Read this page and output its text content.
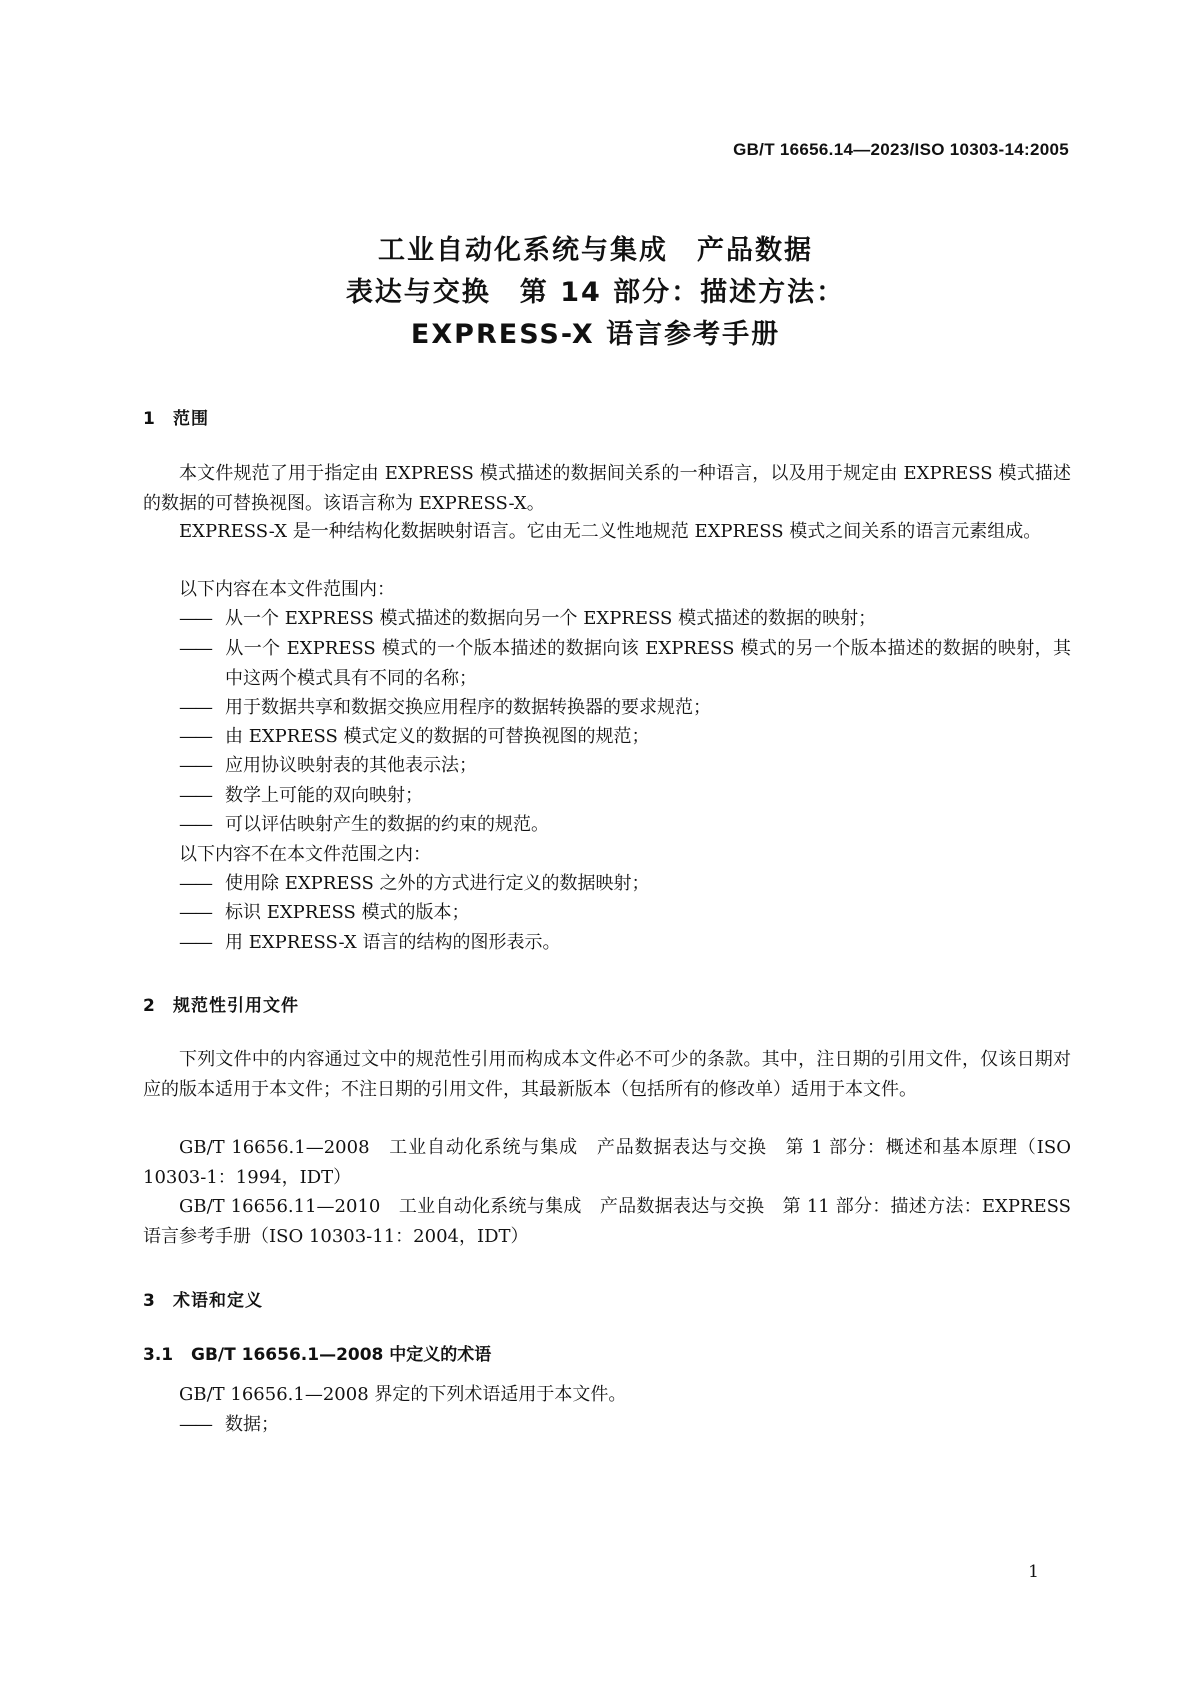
GB/T 16656.14—2023/ISO 10303-14:2005
工业自动化系统与集成　产品数据
表达与交换　第 14 部分：描述方法：
EXPRESS-X 语言参考手册
1 范围
本文件规范了用于指定由 EXPRESS 模式描述的数据间关系的一种语言，以及用于规定由 EXPRESS 模式描述的数据的可替换视图。该语言称为 EXPRESS-X。
EXPRESS-X 是一种结构化数据映射语言。它由无二义性地规范 EXPRESS 模式之间关系的语言元素组成。
以下内容在本文件范围内：
—— 从一个 EXPRESS 模式描述的数据向另一个 EXPRESS 模式描述的数据的映射；
—— 从一个 EXPRESS 模式的一个版本描述的数据向该 EXPRESS 模式的另一个版本描述的数据的映射，其中这两个模式具有不同的名称；
—— 用于数据共享和数据交换应用程序的数据转换器的要求规范；
—— 由 EXPRESS 模式定义的数据的可替换视图的规范；
—— 应用协议映射表的其他表示法；
—— 数学上可能的双向映射；
—— 可以评估映射产生的数据的约束的规范。
以下内容不在本文件范围之内：
—— 使用除 EXPRESS 之外的方式进行定义的数据映射；
—— 标识 EXPRESS 模式的版本；
—— 用 EXPRESS-X 语言的结构的图形表示。
2 规范性引用文件
下列文件中的内容通过文中的规范性引用而构成本文件必不可少的条款。其中，注日期的引用文件，仅该日期对应的版本适用于本文件；不注日期的引用文件，其最新版本（包括所有的修改单）适用于本文件。
GB/T 16656.1—2008　工业自动化系统与集成　产品数据表达与交换　第 1 部分：概述和基本原理（ISO 10303-1：1994，IDT）
GB/T 16656.11—2010　工业自动化系统与集成　产品数据表达与交换　第 11 部分：描述方法：EXPRESS 语言参考手册（ISO 10303-11：2004，IDT）
3 术语和定义
3.1 GB/T 16656.1—2008 中定义的术语
GB/T 16656.1—2008 界定的下列术语适用于本文件。
—— 数据；
1
